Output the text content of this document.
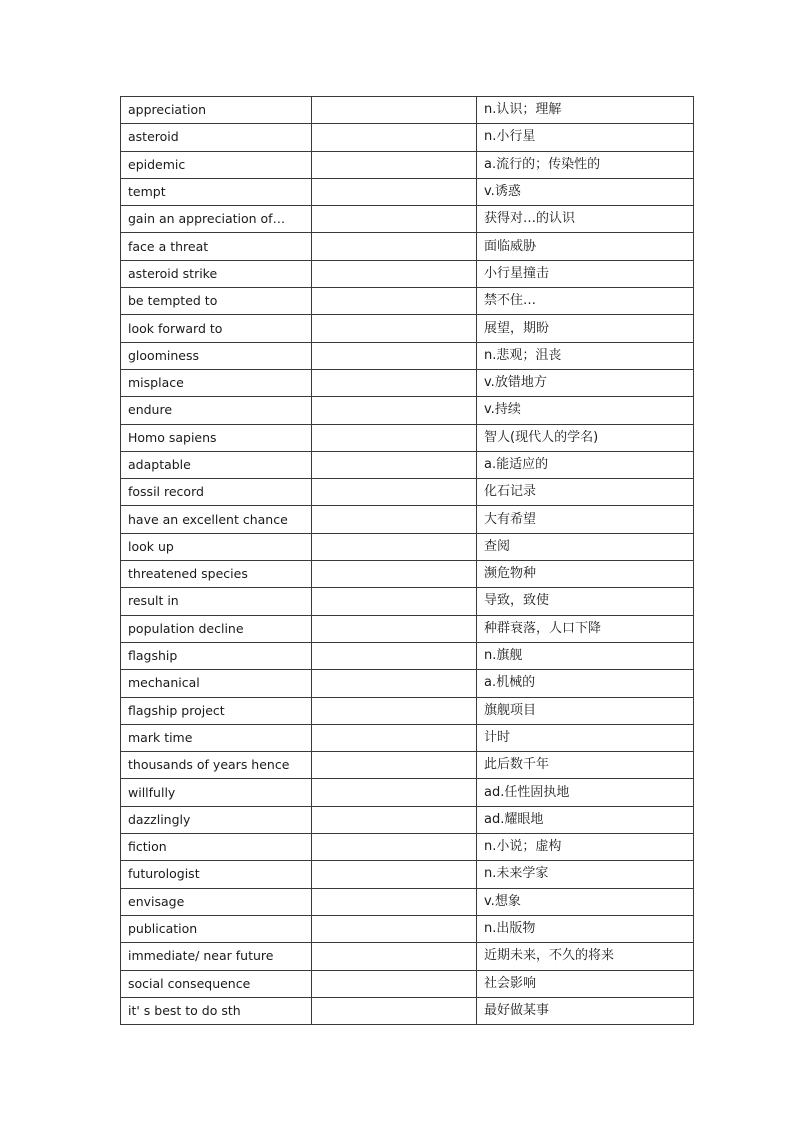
appreciation		n.认识；理解
asteroid		n.小行星
epidemic		a.流行的；传染性的
tempt		v.诱惑
gain an appreciation of…		获得对…的认识
face a threat		面临威胁
asteroid strike		小行星撞击
be tempted to		禁不住…
look forward to		展望，期盼
gloominess		n.悲观；沮丧
misplace		v.放错地方
endure		v.持续
Homo sapiens		智人(现代人的学名)
adaptable		a.能适应的
fossil record		化石记录
have an excellent chance		大有希望
look up		查阅
threatened species		濒危物种
result in		导致，致使
population decline		种群衰落，人口下降
flagship		n.旗舰
mechanical		a.机械的
flagship project		旗舰项目
mark time		计时
thousands of years hence		此后数千年
willfully		ad.任性固执地
dazzlingly		ad.耀眼地
fiction		n.小说；虚构
futurologist		n.未来学家
envisage		v.想象
publication		n.出版物
immediate/ near future		近期未来，不久的将来
social consequence		社会影响
it' s best to do sth		最好做某事
